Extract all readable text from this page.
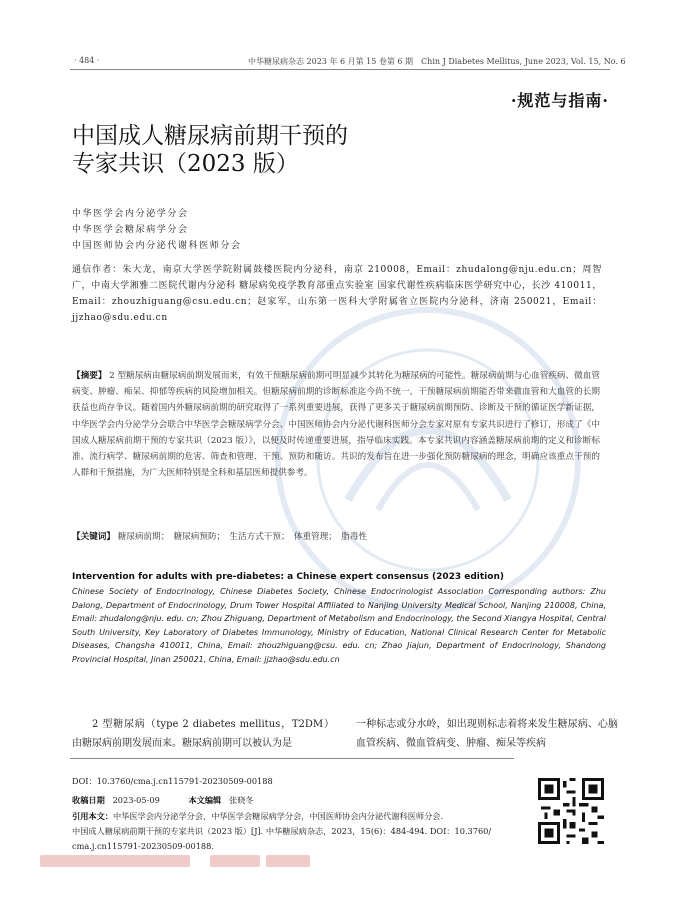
· 484 ·	中华糖尿病杂志 2023 年 6 月第 15 卷第 6 期　Chin J Diabetes Mellitus, June 2023, Vol. 15, No. 6
·规范与指南·
中国成人糖尿病前期干预的
专家共识（2023 版）
中华医学会内分泌学分会
中华医学会糖尿病学分会
中国医师协会内分泌代谢科医师分会
通信作者：朱大龙，南京大学医学院附属鼓楼医院内分泌科，南京 210008，Email：zhudalong@nju.edu.cn；周智广，中南大学湘雅二医院代谢内分泌科 糖尿病免疫学教育部重点实验室 国家代谢性疾病临床医学研究中心，长沙 410011，Email：zhouzhiguang@csu.edu.cn；赵家军，山东第一医科大学附属省立医院内分泌科，济南 250021，Email：jjzhao@sdu.edu.cn
【摘要】 2 型糖尿病由糖尿病前期发展而来，有效干预糖尿病前期可明显减少其转化为糖尿病的可能性。糖尿病前期与心血管疾病、微血管病变、肿瘤、痴呆、抑郁等疾病的风险增加相关。但糖尿病前期的诊断标准迄今尚不统一，干预糖尿病前期能否带来微血管和大血管的长期获益也尚存争议。随着国内外糖尿病前期的研究取得了一系列重要进展，获得了更多关于糖尿病前期预防、诊断及干预的循证医学新证据，中华医学会内分泌学分会联合中华医学会糖尿病学分会、中国医师协会内分泌代谢科医师分会专家对原有专家共识进行了修订，形成了《中国成人糖尿病前期干预的专家共识（2023 版）》，以便及时传递重要进展，指导临床实践。本专家共识内容涵盖糖尿病前期的定义和诊断标准、流行病学、糖尿病前期的危害、筛查和管理、干预、预防和随访。共识的发布旨在进一步强化预防糖尿病的理念，明确应该重点干预的人群和干预措施，为广大医师特别是全科和基层医师提供参考。
【关键词】 糖尿病前期；　糖尿病预防；　生活方式干预；　体重管理；　脂毒性
Intervention for adults with pre-diabetes: a Chinese expert consensus (2023 edition)
Chinese Society of Endocrinology, Chinese Diabetes Society, Chinese Endocrinologist Association Corresponding authors: Zhu Dalong, Department of Endocrinology, Drum Tower Hospital Affiliated to Nanjing University Medical School, Nanjing 210008, China, Email: zhudalong@nju. edu. cn; Zhou Zhiguang, Department of Metabolism and Endocrinology, the Second Xiangya Hospital, Central South University, Key Laboratory of Diabetes Immunology, Ministry of Education, National Clinical Research Center for Metabolic Diseases, Changsha 410011, China, Email: zhouzhiguang@csu. edu. cn; Zhao Jiajun, Department of Endocrinology, Shandong Provincial Hospital, Jinan 250021, China, Email: jjzhao@sdu.edu.cn
2 型糖尿病（type 2 diabetes mellitus，T2DM）由糖尿病前期发展而来。糖尿病前期可以被认为是
一种标志或分水岭，如出现则标志着将来发生糖尿病、心脑血管疾病、微血管病变、肿瘤、痴呆等疾病
DOI：10.3760/cma.j.cn115791-20230509-00188
收稿日期 2023-05-09	本文编辑 张晓冬
引用本文：中华医学会内分泌学分会，中华医学会糖尿病学分会，中国医师协会内分泌代谢科医师分会.
中国成人糖尿病前期干预的专家共识（2023 版）[J]. 中华糖尿病杂志，2023，15(6)：484-494. DOI：10.3760/
cma.j.cn115791-20230509-00188.
